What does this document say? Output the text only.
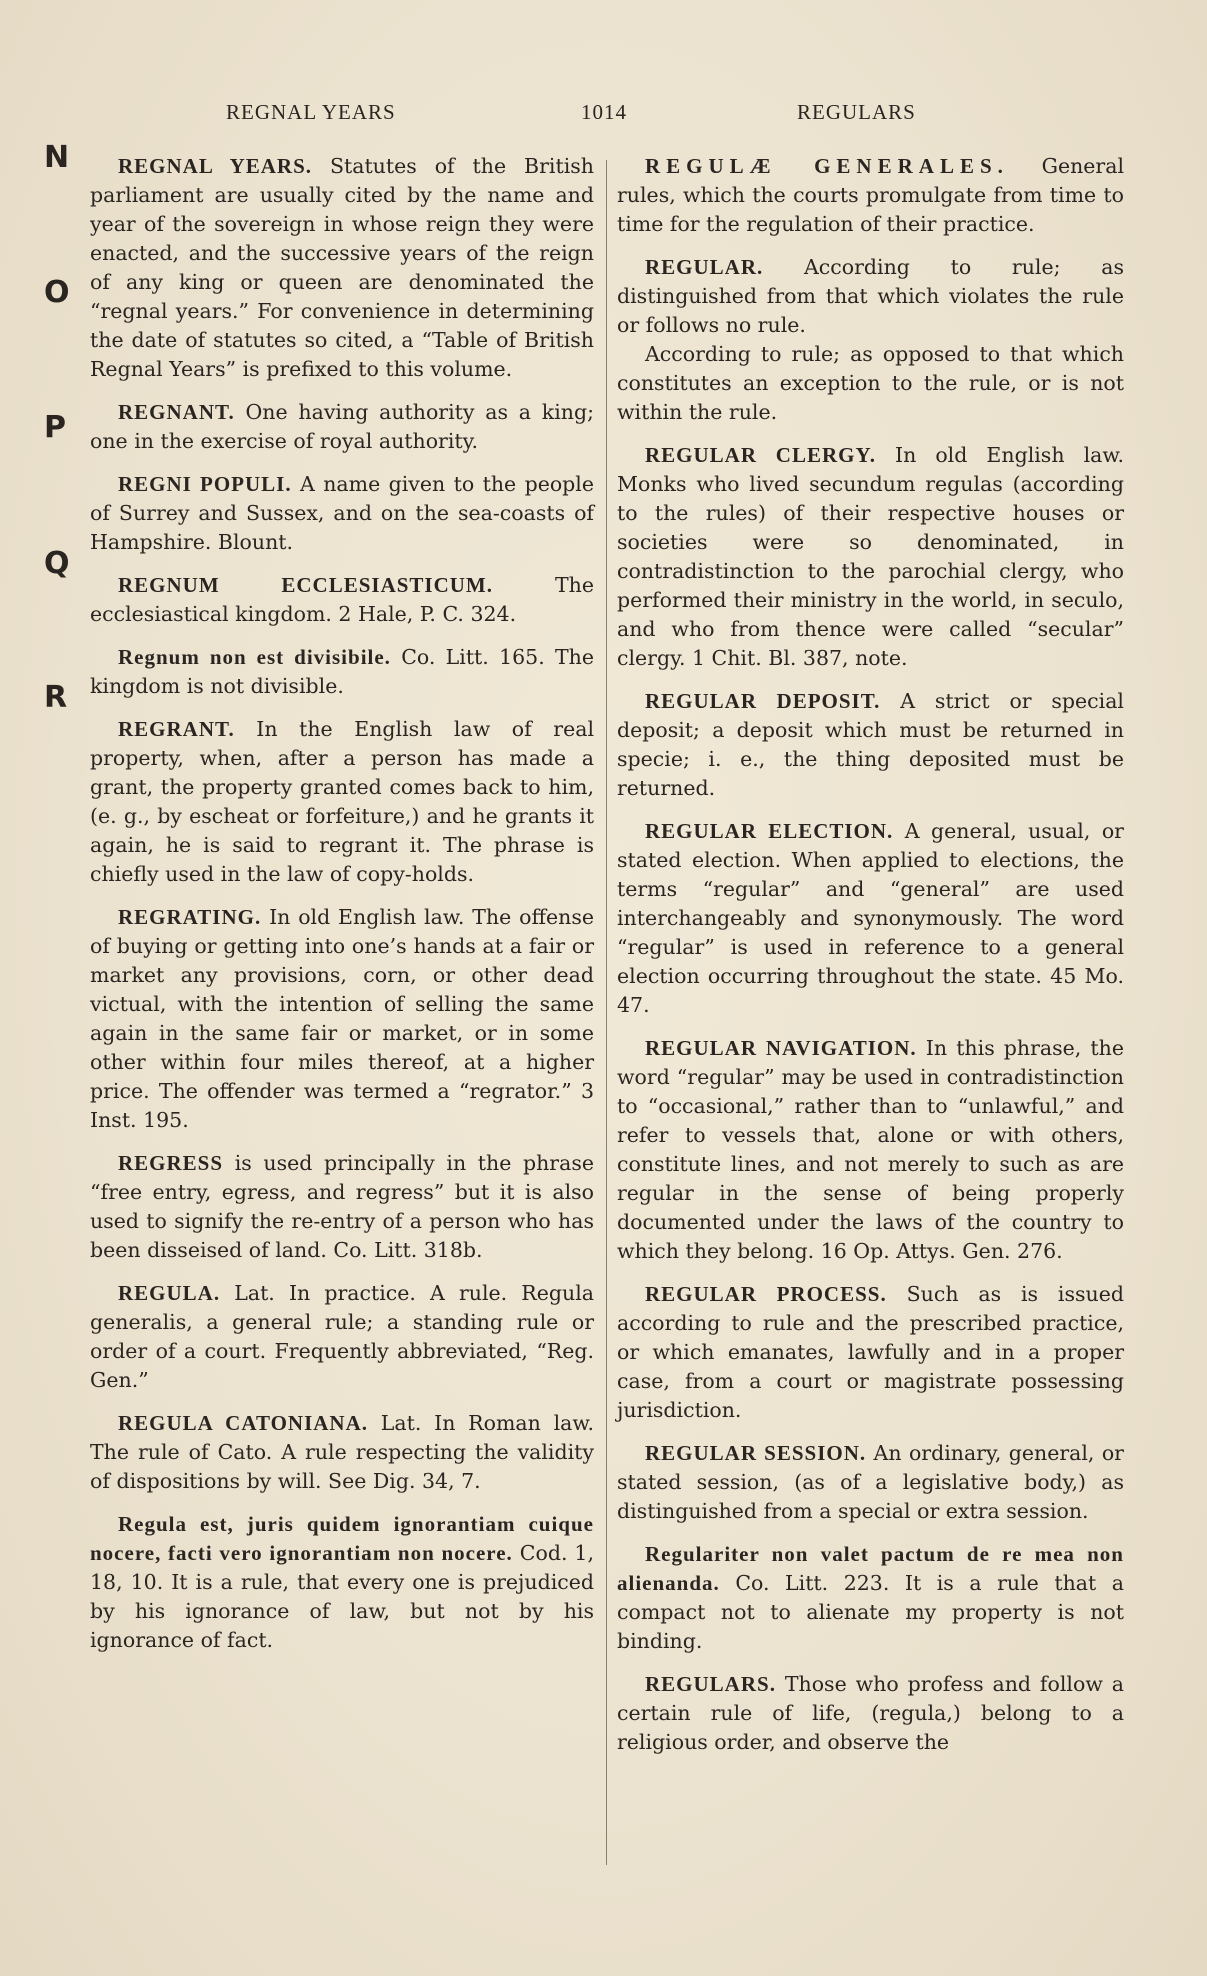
REGNAL YEARS	1014	REGULARS
N
O
P
Q
R

REGNAL YEARS. Statutes of the British parliament are usually cited by the name and year of the sovereign in whose reign they were enacted, and the successive years of the reign of any king or queen are denominated the “regnal years.” For convenience in determining the date of statutes so cited, a “Table of British Regnal Years” is prefixed to this volume.

REGNANT. One having authority as a king; one in the exercise of royal authority.

REGNI POPULI. A name given to the people of Surrey and Sussex, and on the sea-coasts of Hampshire. Blount.

REGNUM ECCLESIASTICUM.	The ecclesiastical kingdom. 2 Hale, P. C. 324.

Regnum non est divisibile. Co. Litt. 165. The kingdom is not divisible.

REGRANT. In the English law of real property, when, after a person has made a grant, the property granted comes back to him, (e. g., by escheat or forfeiture,) and he grants it again, he is said to regrant it. The phrase is chiefly used in the law of copy-holds.

REGRATING. In old English law. The offense of buying or getting into one’s hands at a fair or market any provisions, corn, or other dead victual, with the intention of selling the same again in the same fair or market, or in some other within four miles thereof, at a higher price. The offender was termed a “regrator.” 3 Inst. 195.

REGRESS is used principally in the phrase “free entry, egress, and regress” but it is also used to signify the re-entry of a person who has been disseised of land. Co. Litt. 318b.

REGULA. Lat. In practice. A rule. Regula generalis, a general rule; a standing rule or order of a court. Frequently abbreviated, “Reg. Gen.”

REGULA CATONIANA. Lat. In Roman law. The rule of Cato. A rule respecting the validity of dispositions by will. See Dig. 34, 7.

Regula est, juris quidem ignorantiam cuique nocere, facti vero ignorantiam non nocere. Cod. 1, 18, 10. It is a rule, that every one is prejudiced by his ignorance of law, but not by his ignorance of fact.

REGULÆ GENERALES. General rules, which the courts promulgate from time to time for the regulation of their practice.

REGULAR. According to rule; as distinguished from that which violates the rule or follows no rule.

According to rule; as opposed to that which constitutes an exception to the rule, or is not within the rule.

REGULAR CLERGY. In old English law. Monks who lived secundum regulas (according to the rules) of their respective houses or societies were so denominated, in contradistinction to the parochial clergy, who performed their ministry in the world, in seculo, and who from thence were called “secular” clergy. 1 Chit. Bl. 387, note.

REGULAR DEPOSIT. A strict or special deposit; a deposit which must be returned in specie; i. e., the thing deposited must be returned.

REGULAR ELECTION. A general, usual, or stated election. When applied to elections, the terms “regular” and “general” are used interchangeably and synonymously. The word “regular” is used in reference to a general election occurring throughout the state. 45 Mo. 47.

REGULAR NAVIGATION. In this phrase, the word “regular” may be used in contradistinction to “occasional,” rather than to “unlawful,” and refer to vessels that, alone or with others, constitute lines, and not merely to such as are regular in the sense of being properly documented under the laws of the country to which they belong. 16 Op. Attys. Gen. 276.

REGULAR PROCESS. Such as is issued according to rule and the prescribed practice, or which emanates, lawfully and in a proper case, from a court or magistrate possessing jurisdiction.

REGULAR SESSION. An ordinary, general, or stated session, (as of a legislative body,) as distinguished from a special or extra session.

Regulariter non valet pactum de re mea non alienanda. Co. Litt. 223. It is a rule that a compact not to alienate my property is not binding.

REGULARS. Those who profess and follow a certain rule of life, (regula,) belong to a religious order, and observe the
